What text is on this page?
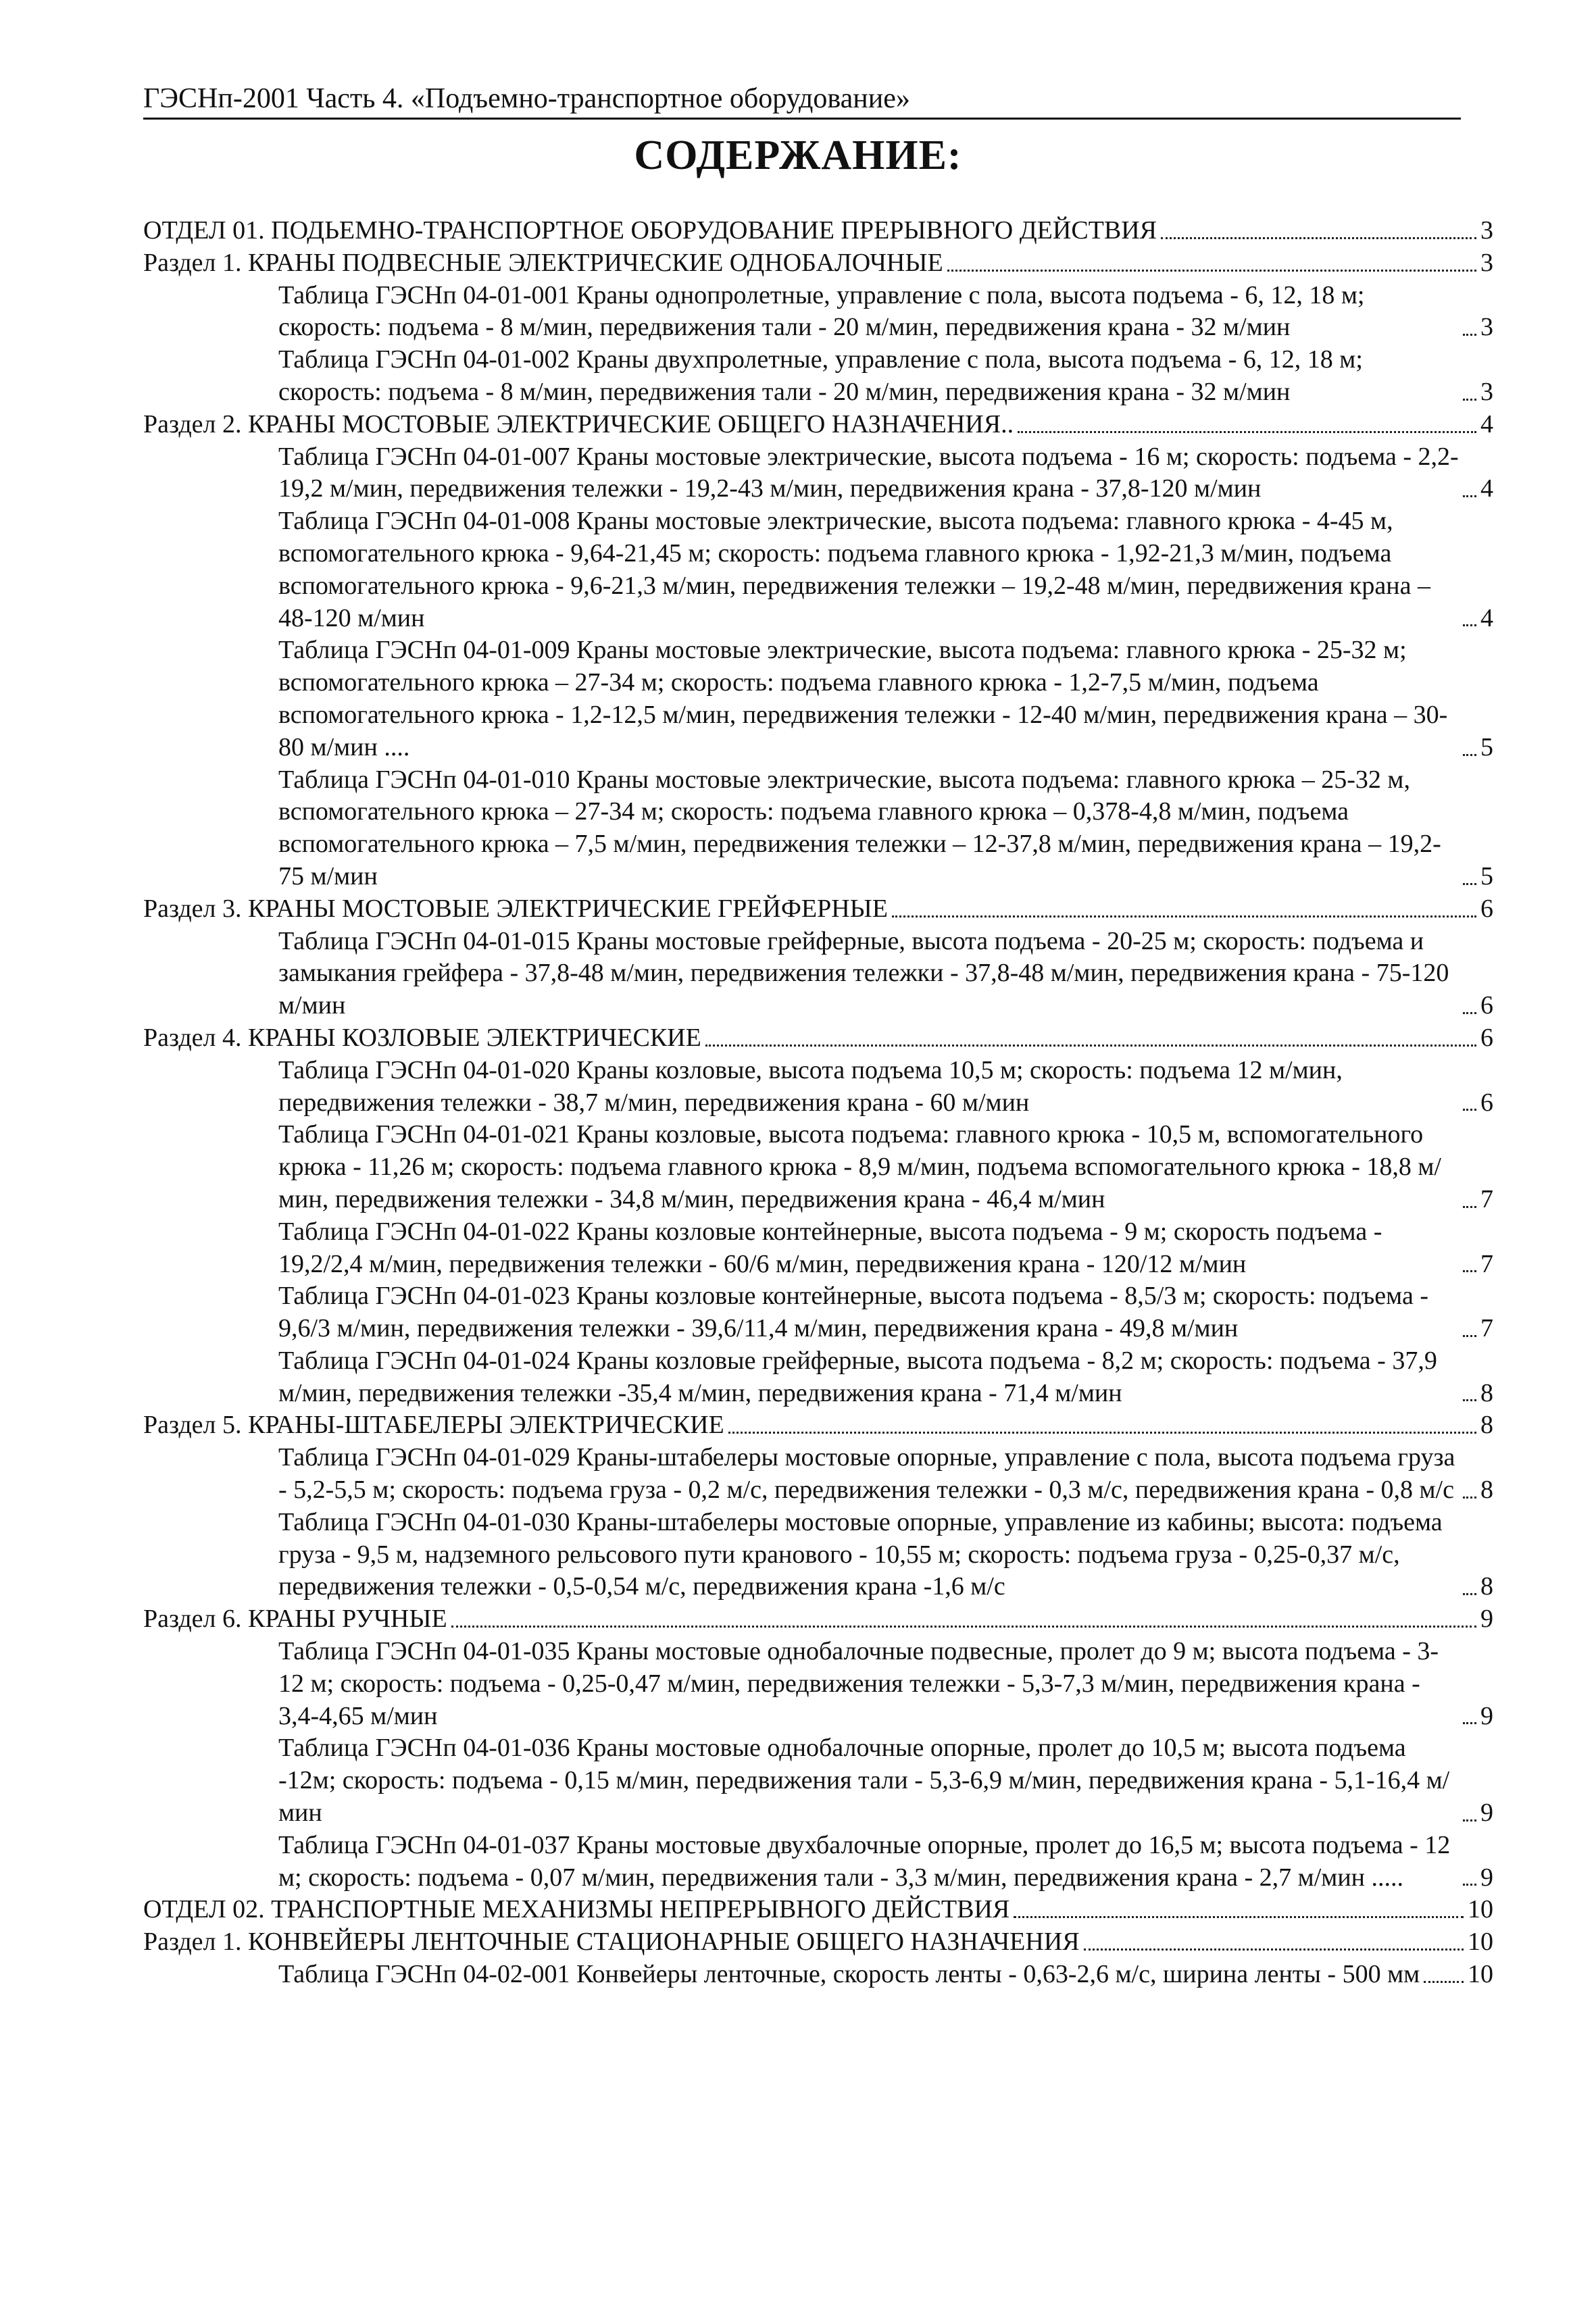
ГЭСНп-2001 Часть 4. «Подъемно-транспортное оборудование»
СОДЕРЖАНИЕ:
ОТДЕЛ 01. ПОДЬЕМНО-ТРАНСПОРТНОЕ ОБОРУДОВАНИЕ ПРЕРЫВНОГО ДЕЙСТВИЯ	3
Раздел 1. КРАНЫ ПОДВЕСНЫЕ ЭЛЕКТРИЧЕСКИЕ ОДНОБАЛОЧНЫЕ	3
Таблица ГЭСНп 04-01-001 Краны однопролетные, управление с пола, высота подъема - 6, 12, 18 м; скорость: подъема - 8 м/мин, передвижения тали - 20 м/мин, передвижения крана - 32 м/мин	3
Таблица ГЭСНп 04-01-002 Краны двухпролетные, управление с пола, высота подъема - 6, 12, 18 м; скорость: подъема - 8 м/мин, передвижения тали - 20 м/мин, передвижения крана - 32 м/мин	3
Раздел 2. КРАНЫ МОСТОВЫЕ ЭЛЕКТРИЧЕСКИЕ ОБЩЕГО НАЗНАЧЕНИЯ..	4
Таблица ГЭСНп 04-01-007 Краны мостовые электрические, высота подъема - 16 м; скорость: подъема - 2,2-19,2 м/мин, передвижения тележки - 19,2-43 м/мин, передвижения крана - 37,8-120 м/мин	4
Таблица ГЭСНп 04-01-008 Краны мостовые электрические, высота подъема: главного крюка - 4-45 м, вспомогательного крюка - 9,64-21,45 м; скорость: подъема главного крюка - 1,92-21,3 м/мин, подъема вспомогательного крюка - 9,6-21,3 м/мин, передвижения тележки – 19,2-48 м/мин, передвижения крана – 48-120 м/мин	4
Таблица ГЭСНп 04-01-009 Краны мостовые электрические, высота подъема: главного крюка - 25-32 м; вспомогательного крюка – 27-34 м; скорость: подъема главного крюка - 1,2-7,5 м/мин, подъема вспомогательного крюка - 1,2-12,5 м/мин, передвижения тележки - 12-40 м/мин, передвижения крана – 30-80 м/мин ....	5
Таблица ГЭСНп 04-01-010 Краны мостовые электрические, высота подъема: главного крюка – 25-32 м, вспомогательного крюка – 27-34 м; скорость: подъема главного крюка – 0,378-4,8 м/мин, подъема вспомогательного крюка – 7,5 м/мин, передвижения тележки – 12-37,8 м/мин, передвижения крана – 19,2-75 м/мин	5
Раздел 3. КРАНЫ МОСТОВЫЕ ЭЛЕКТРИЧЕСКИЕ ГРЕЙФЕРНЫЕ	6
Таблица ГЭСНп 04-01-015 Краны мостовые грейферные, высота подъема - 20-25 м; скорость: подъема и замыкания грейфера - 37,8-48 м/мин, передвижения тележки - 37,8-48 м/мин, передвижения крана - 75-120 м/мин	6
Раздел 4. КРАНЫ КОЗЛОВЫЕ ЭЛЕКТРИЧЕСКИЕ	6
Таблица ГЭСНп 04-01-020 Краны козловые, высота подъема 10,5 м; скорость: подъема 12 м/мин, передвижения тележки - 38,7 м/мин, передвижения крана - 60 м/мин	6
Таблица ГЭСНп 04-01-021 Краны козловые, высота подъема: главного крюка - 10,5 м, вспомогательного крюка - 11,26 м; скорость: подъема главного крюка - 8,9 м/мин, подъема вспомогательного крюка - 18,8 м/мин, передвижения тележки - 34,8 м/мин, передвижения крана - 46,4 м/мин	7
Таблица ГЭСНп 04-01-022 Краны козловые контейнерные, высота подъема - 9 м; скорость подъема - 19,2/2,4 м/мин, передвижения тележки - 60/6 м/мин, передвижения крана - 120/12 м/мин	7
Таблица ГЭСНп 04-01-023 Краны козловые контейнерные, высота подъема - 8,5/3 м; скорость: подъема - 9,6/3 м/мин, передвижения тележки - 39,6/11,4 м/мин, передвижения крана - 49,8 м/мин	7
Таблица ГЭСНп 04-01-024 Краны козловые грейферные, высота подъема - 8,2 м; скорость: подъема - 37,9 м/мин, передвижения тележки -35,4 м/мин, передвижения крана - 71,4 м/мин	8
Раздел 5. КРАНЫ-ШТАБЕЛЕРЫ ЭЛЕКТРИЧЕСКИЕ	8
Таблица ГЭСНп 04-01-029 Краны-штабелеры мостовые опорные, управление с пола, высота подъема груза - 5,2-5,5 м; скорость: подъема груза - 0,2 м/с, передвижения тележки - 0,3 м/с, передвижения крана - 0,8 м/с 8
Таблица ГЭСНп 04-01-030 Краны-штабелеры мостовые опорные, управление из кабины; высота: подъема груза - 9,5 м, надземного рельсового пути кранового - 10,55 м; скорость: подъема груза - 0,25-0,37 м/с, передвижения тележки - 0,5-0,54 м/с, передвижения крана -1,6 м/с	8
Раздел 6. КРАНЫ РУЧНЫЕ	9
Таблица ГЭСНп 04-01-035 Краны мостовые однобалочные подвесные, пролет до 9 м; высота подъема - 3-12 м; скорость: подъема - 0,25-0,47 м/мин, передвижения тележки - 5,3-7,3 м/мин, передвижения крана - 3,4-4,65 м/мин	9
Таблица ГЭСНп 04-01-036 Краны мостовые однобалочные опорные, пролет до 10,5 м; высота подъема -12м; скорость: подъема - 0,15 м/мин, передвижения тали - 5,3-6,9 м/мин, передвижения крана - 5,1-16,4 м/мин	9
Таблица ГЭСНп 04-01-037 Краны мостовые двухбалочные опорные, пролет до 16,5 м; высота подъема - 12 м; скорость: подъема - 0,07 м/мин, передвижения тали - 3,3 м/мин, передвижения крана - 2,7 м/мин .....	9
ОТДЕЛ 02. ТРАНСПОРТНЫЕ МЕХАНИЗМЫ НЕПРЕРЫВНОГО ДЕЙСТВИЯ	10
Раздел 1. КОНВЕЙЕРЫ ЛЕНТОЧНЫЕ СТАЦИОНАРНЫЕ ОБЩЕГО НАЗНАЧЕНИЯ	10
Таблица ГЭСНп 04-02-001 Конвейеры ленточные, скорость ленты - 0,63-2,6 м/с, ширина ленты - 500 мм 10
